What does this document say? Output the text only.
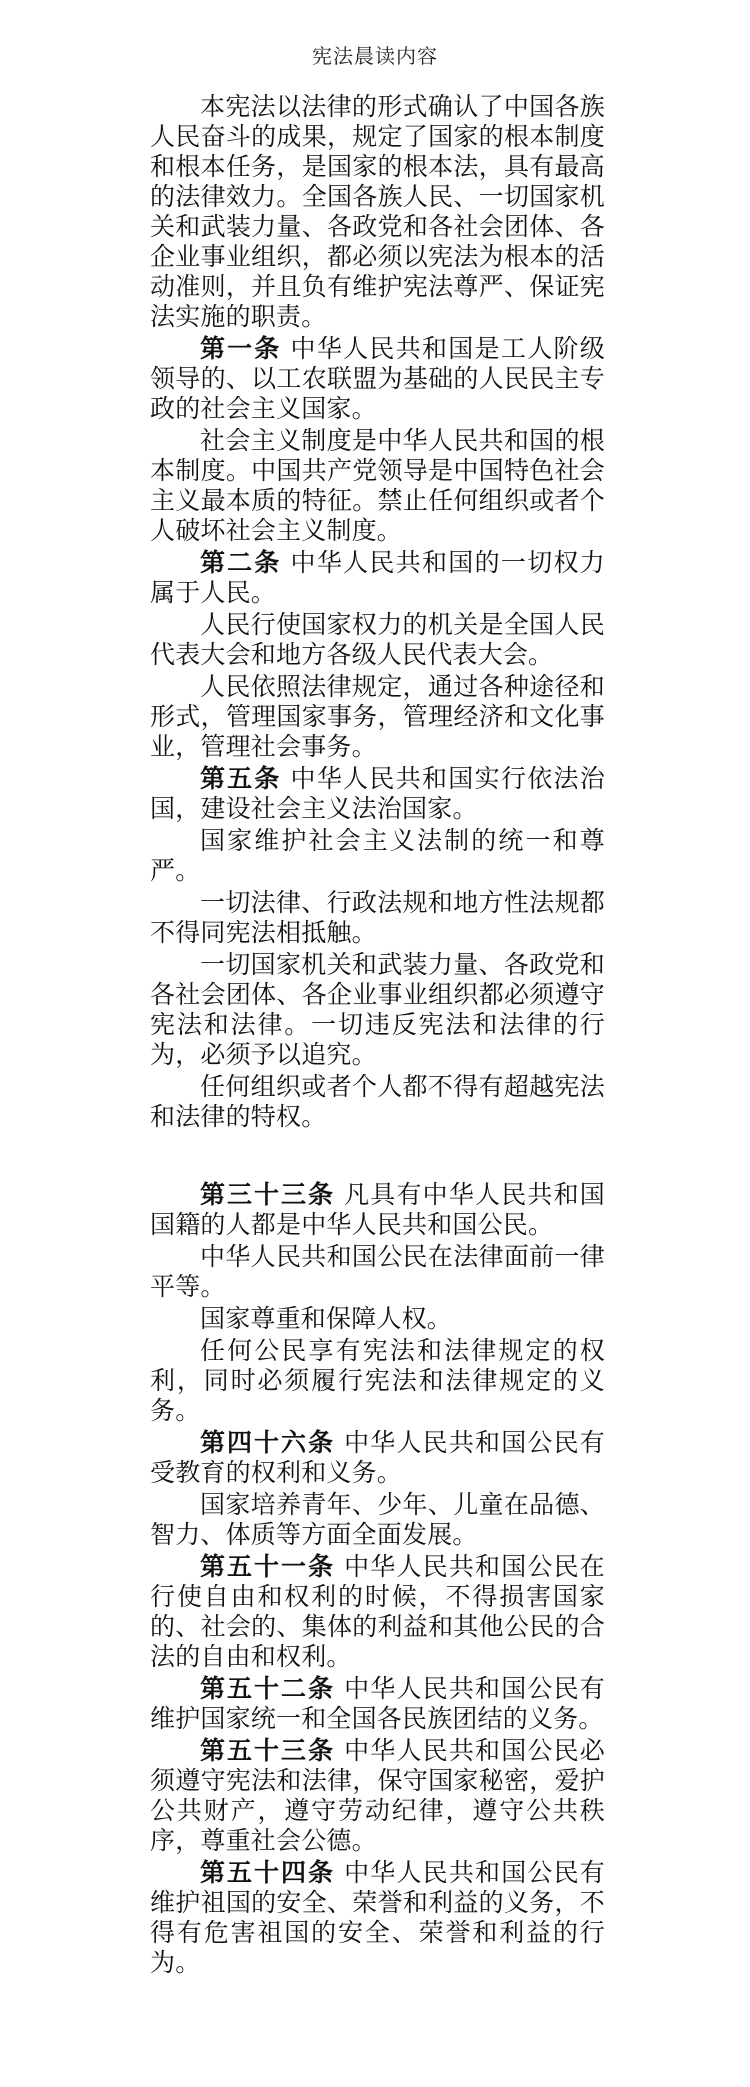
宪法晨读内容

本宪法以法律的形式确认了中国各族人民奋斗的成果，规定了国家的根本制度和根本任务，是国家的根本法，具有最高的法律效力。全国各族人民、一切国家机关和武装力量、各政党和各社会团体、各企业事业组织，都必须以宪法为根本的活动准则，并且负有维护宪法尊严、保证宪法实施的职责。

第一条 中华人民共和国是工人阶级领导的、以工农联盟为基础的人民民主专政的社会主义国家。

社会主义制度是中华人民共和国的根本制度。中国共产党领导是中国特色社会主义最本质的特征。禁止任何组织或者个人破坏社会主义制度。

第二条 中华人民共和国的一切权力属于人民。

人民行使国家权力的机关是全国人民代表大会和地方各级人民代表大会。

人民依照法律规定，通过各种途径和形式，管理国家事务，管理经济和文化事业，管理社会事务。

第五条 中华人民共和国实行依法治国，建设社会主义法治国家。

国家维护社会主义法制的统一和尊严。

一切法律、行政法规和地方性法规都不得同宪法相抵触。

一切国家机关和武装力量、各政党和各社会团体、各企业事业组织都必须遵守宪法和法律。一切违反宪法和法律的行为，必须予以追究。

任何组织或者个人都不得有超越宪法和法律的特权。

第三十三条 凡具有中华人民共和国国籍的人都是中华人民共和国公民。

中华人民共和国公民在法律面前一律平等。

国家尊重和保障人权。

任何公民享有宪法和法律规定的权利，同时必须履行宪法和法律规定的义务。

第四十六条 中华人民共和国公民有受教育的权利和义务。

国家培养青年、少年、儿童在品德、智力、体质等方面全面发展。

第五十一条 中华人民共和国公民在行使自由和权利的时候，不得损害国家的、社会的、集体的利益和其他公民的合法的自由和权利。

第五十二条 中华人民共和国公民有维护国家统一和全国各民族团结的义务。

第五十三条 中华人民共和国公民必须遵守宪法和法律，保守国家秘密，爱护公共财产，遵守劳动纪律，遵守公共秩序，尊重社会公德。

第五十四条 中华人民共和国公民有维护祖国的安全、荣誉和利益的义务，不得有危害祖国的安全、荣誉和利益的行为。
